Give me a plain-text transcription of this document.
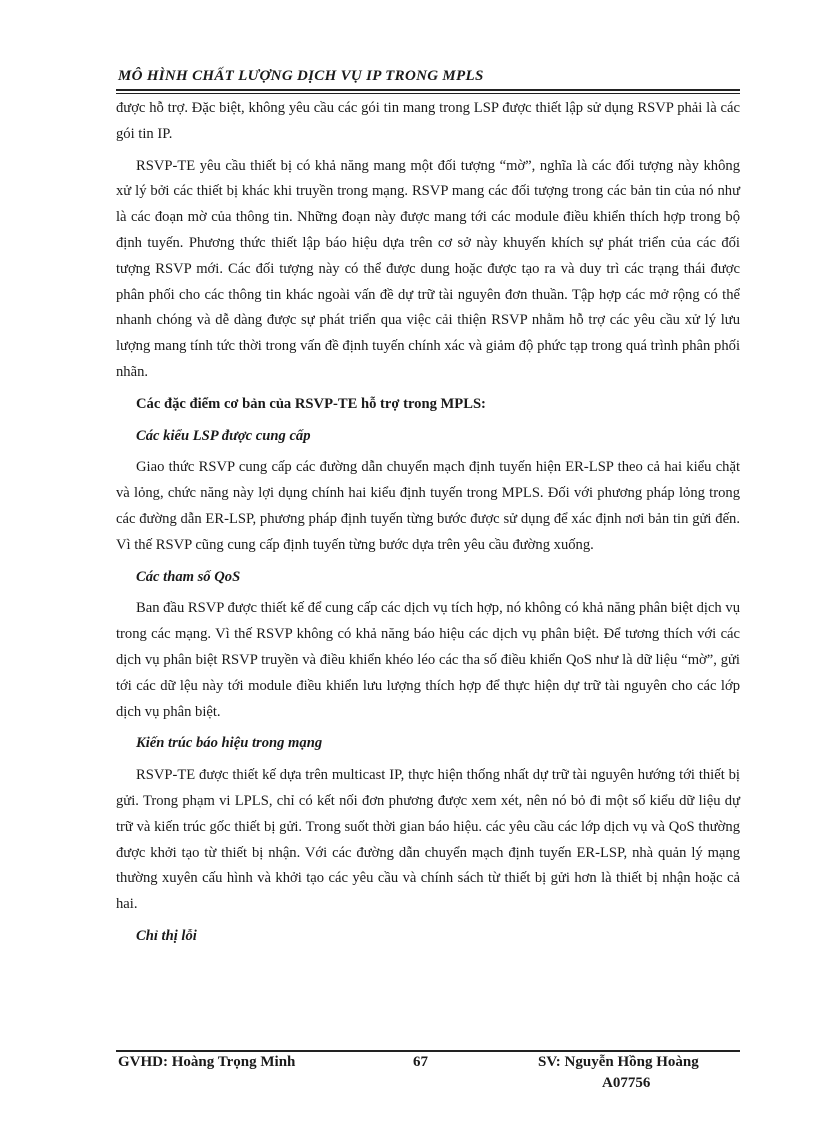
MÔ HÌNH CHẤT LƯỢNG DỊCH VỤ IP TRONG MPLS

được hỗ trợ. Đặc biệt, không yêu cầu các gói tin mang trong LSP được thiết lập sử dụng RSVP phải là các gói tin IP.

RSVP-TE yêu cầu thiết bị có khả năng mang một đối tượng “mờ”, nghĩa là các đối tượng này không xử lý bởi các thiết bị khác khi truyền trong mạng. RSVP mang các đối tượng trong các bản tin của nó như là các đoạn mờ của thông tin. Những đoạn này được mang tới các module điều khiển thích hợp trong bộ định tuyến. Phương thức thiết lập báo hiệu dựa trên cơ sở này khuyến khích sự phát triển của các đối tượng RSVP mới. Các đối tượng này có thể được dung hoặc được tạo ra và duy trì các trạng thái được phân phối cho các thông tin khác ngoài vấn đề dự trữ tài nguyên đơn thuần. Tập hợp các mở rộng có thể nhanh chóng và dễ dàng được sự phát triển qua việc cải thiện RSVP nhằm hỗ trợ các yêu cầu xử lý lưu lượng mang tính tức thời trong vấn đề định tuyến chính xác và giảm độ phức tạp trong quá trình phân phối nhãn.

Các đặc điểm cơ bản của RSVP-TE hỗ trợ trong MPLS:
Các kiểu LSP được cung cấp

Giao thức RSVP cung cấp các đường dẫn chuyển mạch định tuyến hiện ER-LSP theo cả hai kiểu chặt và lỏng, chức năng này lợi dụng chính hai kiểu định tuyến trong MPLS. Đối với phương pháp lỏng trong các đường dẫn ER-LSP, phương pháp định tuyến từng bước được sử dụng để xác định nơi bản tin gửi đến. Vì thế RSVP cũng cung cấp định tuyến từng bước dựa trên yêu cầu đường xuống.

Các tham số QoS

Ban đầu RSVP được thiết kế để cung cấp các dịch vụ tích hợp, nó không có khả năng phân biệt dịch vụ trong các mạng. Vì thế RSVP không có khả năng báo hiệu các dịch vụ phân biệt. Để tương thích với các dịch vụ phân biệt RSVP truyền và điều khiển khéo léo các tha số điều khiển QoS như là dữ liệu “mờ”, gửi tới các dữ lệu này tới module điều khiển lưu lượng thích hợp để thực hiện dự trữ tài nguyên cho các lớp dịch vụ phân biệt.

Kiến trúc báo hiệu trong mạng

RSVP-TE được thiết kế dựa trên multicast IP, thực hiện thống nhất dự trữ tài nguyên hướng tới thiết bị gửi. Trong phạm vi LPLS, chỉ có kết nối đơn phương được xem xét, nên nó bỏ đi một số kiểu dữ liệu dự trữ và kiến trúc gốc thiết bị gửi. Trong suốt thời gian báo hiệu. các yêu cầu các lớp dịch vụ và QoS thường được khởi tạo từ thiết bị nhận. Với các đường dẫn chuyển mạch định tuyến ER-LSP, nhà quản lý mạng thường xuyên cấu hình và khởi tạo các yêu cầu và chính sách từ thiết bị gửi hơn là thiết bị nhận hoặc cả hai.

Chỉ thị lỗi
GVHD: Hoàng Trọng Minh	67	SV: Nguyễn Hồng Hoàng
A07756
